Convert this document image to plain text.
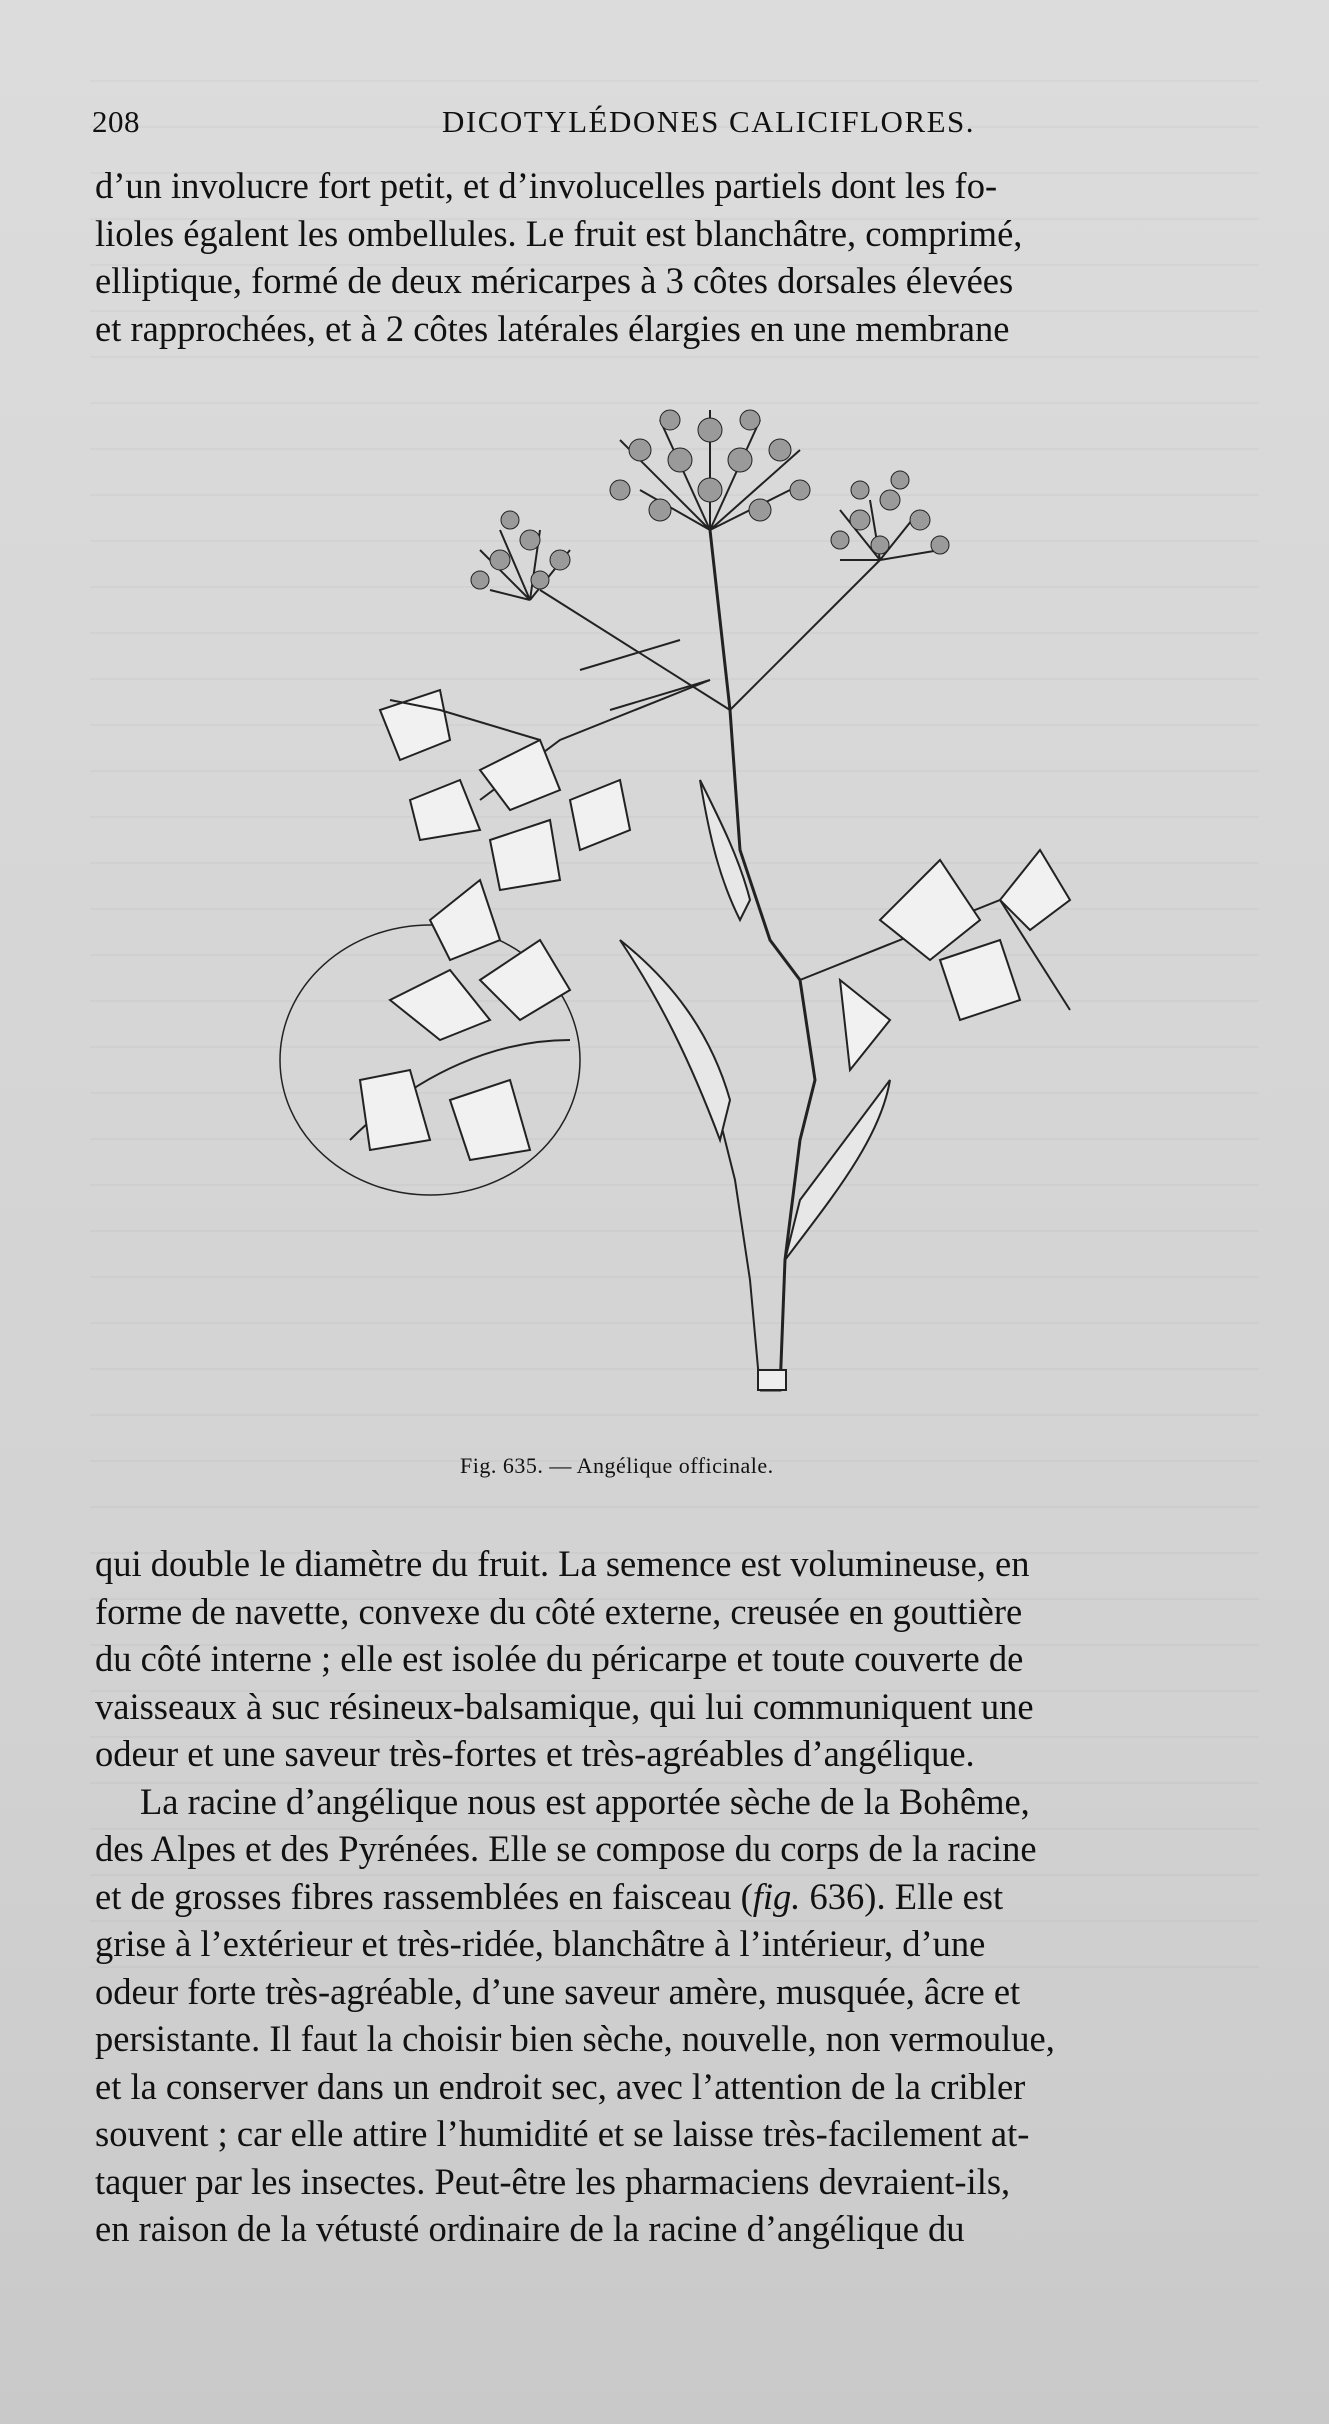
208	DICOTYLÉDONES CALICIFLORES.

d’un involucre fort petit, et d’involucelles partiels dont les fo-

lioles égalent les ombellules. Le fruit est blanchâtre, comprimé,

elliptique, formé de deux méricarpes à 3 côtes dorsales élevées

et rapprochées, et à 2 côtes latérales élargies en une membrane

Fig. 635. — Angélique officinale.

qui double le diamètre du fruit. La semence est volumineuse, en

forme de navette, convexe du côté externe, creusée en gouttière

du côté interne ; elle est isolée du péricarpe et toute couverte de

vaisseaux à suc résineux-balsamique, qui lui communiquent une

odeur et une saveur très-fortes et très-agréables d’angélique.

La racine d’angélique nous est apportée sèche de la Bohême,

des Alpes et des Pyrénées. Elle se compose du corps de la racine

et de grosses fibres rassemblées en faisceau (fig. 636). Elle est

grise à l’extérieur et très-ridée, blanchâtre à l’intérieur, d’une

odeur forte très-agréable, d’une saveur amère, musquée, âcre et

persistante. Il faut la choisir bien sèche, nouvelle, non vermoulue,

et la conserver dans un endroit sec, avec l’attention de la cribler

souvent ; car elle attire l’humidité et se laisse très-facilement at-

taquer par les insectes. Peut-être les pharmaciens devraient-ils,

en raison de la vétusté ordinaire de la racine d’angélique du
